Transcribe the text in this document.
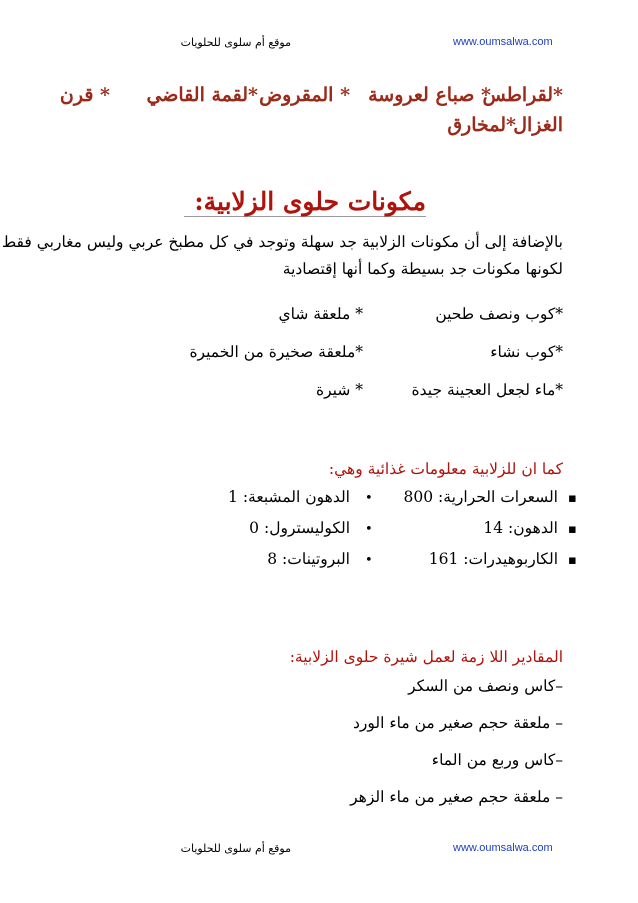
موقع أم سلوى للحلويات	www.oumsalwa.com
*لقراطس
* صباع لعروسة
* المقروض
*لقمة القاضي
* قرن
الغزال
*لمخارق
مكونات حلوى الزلابية:
بالإضافة إلى أن مكونات الزلابية جد سهلة وتوجد في كل مطبخ عربي وليس مغاربي فقط
لكونها مكونات جد بسيطة وكما أنها إقتصادية
*كوب ونصف طحين
* ملعقة شاي
*كوب نشاء
*ملعقة صخيرة من الخميرة
*ماء لجعل العجينة جيدة
* شيرة
كما ان للزلابية معلومات غذائية وهي:
▪
السعرات الحرارية: 800
•
الدهون المشبعة: 1
▪
الدهون: 14
•
الكوليسترول: 0
▪
الكاربوهيدرات: 161
•
البروتينات: 8
المقادير اللا زمة لعمل شيرة حلوى الزلابية:
–كاس ونصف من السكر
– ملعقة حجم صغير من ماء الورد
–كاس وربع من الماء
– ملعقة حجم صغير من ماء الزهر
موقع أم سلوى للحلويات	www.oumsalwa.com
